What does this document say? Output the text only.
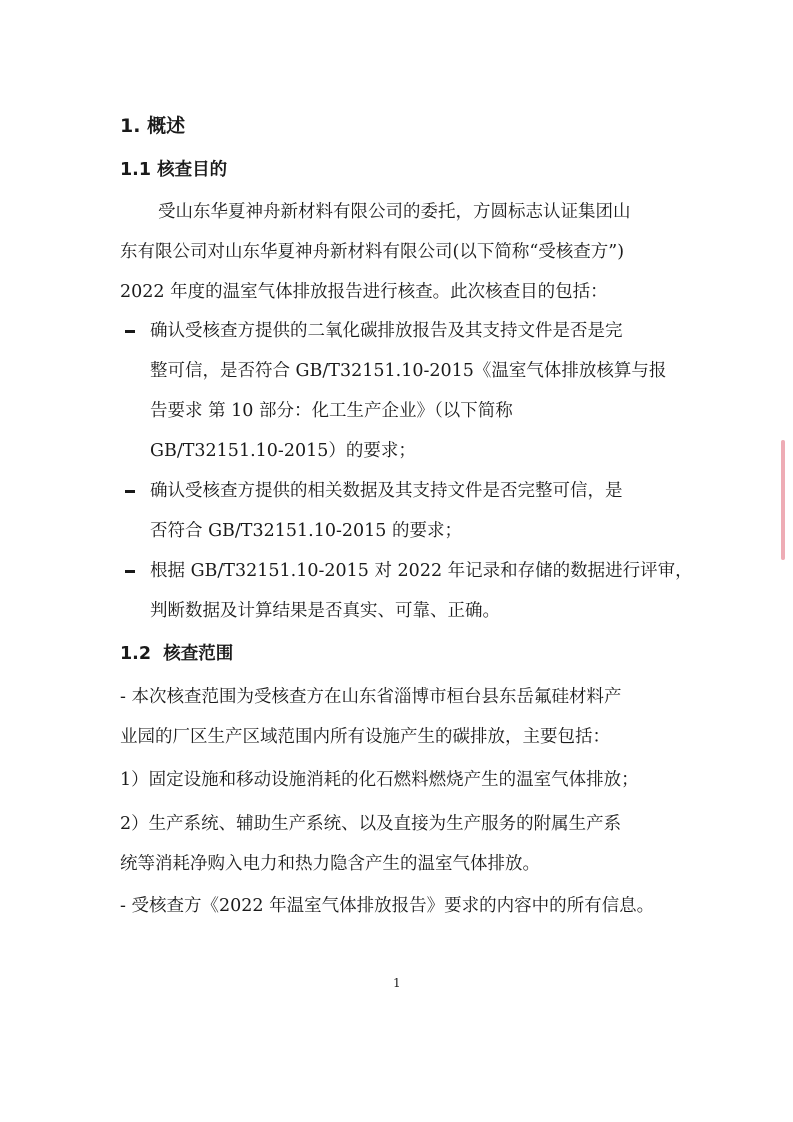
1. 概述
1.1 核查目的
受山东华夏神舟新材料有限公司的委托，方圆标志认证集团山
东有限公司对山东华夏神舟新材料有限公司(以下简称“受核查方”)
2022 年度的温室气体排放报告进行核查。此次核查目的包括：
确认受核查方提供的二氧化碳排放报告及其支持文件是否是完
整可信，是否符合 GB/T32151.10-2015《温室气体排放核算与报
告要求 第 10 部分：化工生产企业》（以下简称
GB/T32151.10-2015）的要求；
确认受核查方提供的相关数据及其支持文件是否完整可信，是
否符合 GB/T32151.10-2015 的要求；
根据 GB/T32151.10-2015 对 2022 年记录和存储的数据进行评审，
判断数据及计算结果是否真实、可靠、正确。
1.2 核查范围
- 本次核查范围为受核查方在山东省淄博市桓台县东岳氟硅材料产
业园的厂区生产区域范围内所有设施产生的碳排放，主要包括：
1）固定设施和移动设施消耗的化石燃料燃烧产生的温室气体排放；
2）生产系统、辅助生产系统、以及直接为生产服务的附属生产系
统等消耗净购入电力和热力隐含产生的温室气体排放。
- 受核查方《2022 年温室气体排放报告》要求的内容中的所有信息。
1
